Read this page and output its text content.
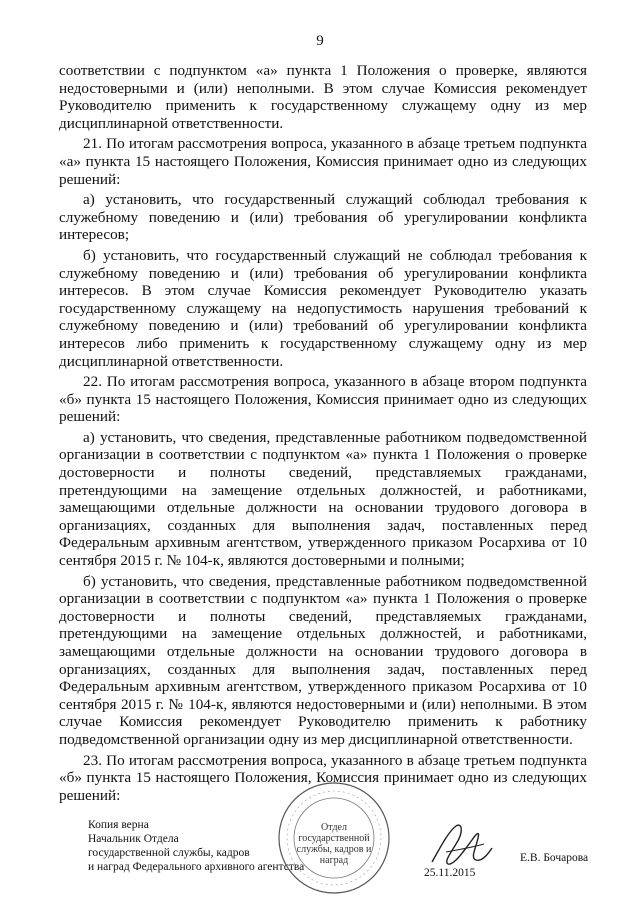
9

соответствии с подпунктом «а» пункта 1 Положения о проверке, являются недостоверными и (или) неполными. В этом случае Комиссия рекомендует Руководителю применить к государственному служащему одну из мер дисциплинарной ответственности.

21. По итогам рассмотрения вопроса, указанного в абзаце третьем подпункта «а» пункта 15 настоящего Положения, Комиссия принимает одно из следующих решений:

а) установить, что государственный служащий соблюдал требования к служебному поведению и (или) требования об урегулировании конфликта интересов;

б) установить, что государственный служащий не соблюдал требования к служебному поведению и (или) требования об урегулировании конфликта интересов. В этом случае Комиссия рекомендует Руководителю указать государственному служащему на недопустимость нарушения требований к служебному поведению и (или) требований об урегулировании конфликта интересов либо применить к государственному служащему одну из мер дисциплинарной ответственности.

22. По итогам рассмотрения вопроса, указанного в абзаце втором подпункта «б» пункта 15 настоящего Положения, Комиссия принимает одно из следующих решений:

а) установить, что сведения, представленные работником подведомственной организации в соответствии с подпунктом «а» пункта 1 Положения о проверке достоверности и полноты сведений, представляемых гражданами, претендующими на замещение отдельных должностей, и работниками, замещающими отдельные должности на основании трудового договора в организациях, созданных для выполнения задач, поставленных перед Федеральным архивным агентством, утвержденного приказом Росархива от 10 сентября 2015 г. № 104-к, являются достоверными и полными;

б) установить, что сведения, представленные работником подведомственной организации в соответствии с подпунктом «а» пункта 1 Положения о проверке достоверности и полноты сведений, представляемых гражданами, претендующими на замещение отдельных должностей, и работниками, замещающими отдельные должности на основании трудового договора в организациях, созданных для выполнения задач, поставленных перед Федеральным архивным агентством, утвержденного приказом Росархива от 10 сентября 2015 г. № 104-к, являются недостоверными и (или) неполными. В этом случае Комиссия рекомендует Руководителю применить к работнику подведомственной организации одну из мер дисциплинарной ответственности.

23. По итогам рассмотрения вопроса, указанного в абзаце третьем подпункта «б» пункта 15 настоящего Положения, Комиссия принимает одно из следующих решений:

Копия верна
Начальник Отдела
государственной службы, кадров
и наград Федерального архивного агентства
Отдел государственной службы, кадров и наград
25.11.2015
Е.В. Бочарова
